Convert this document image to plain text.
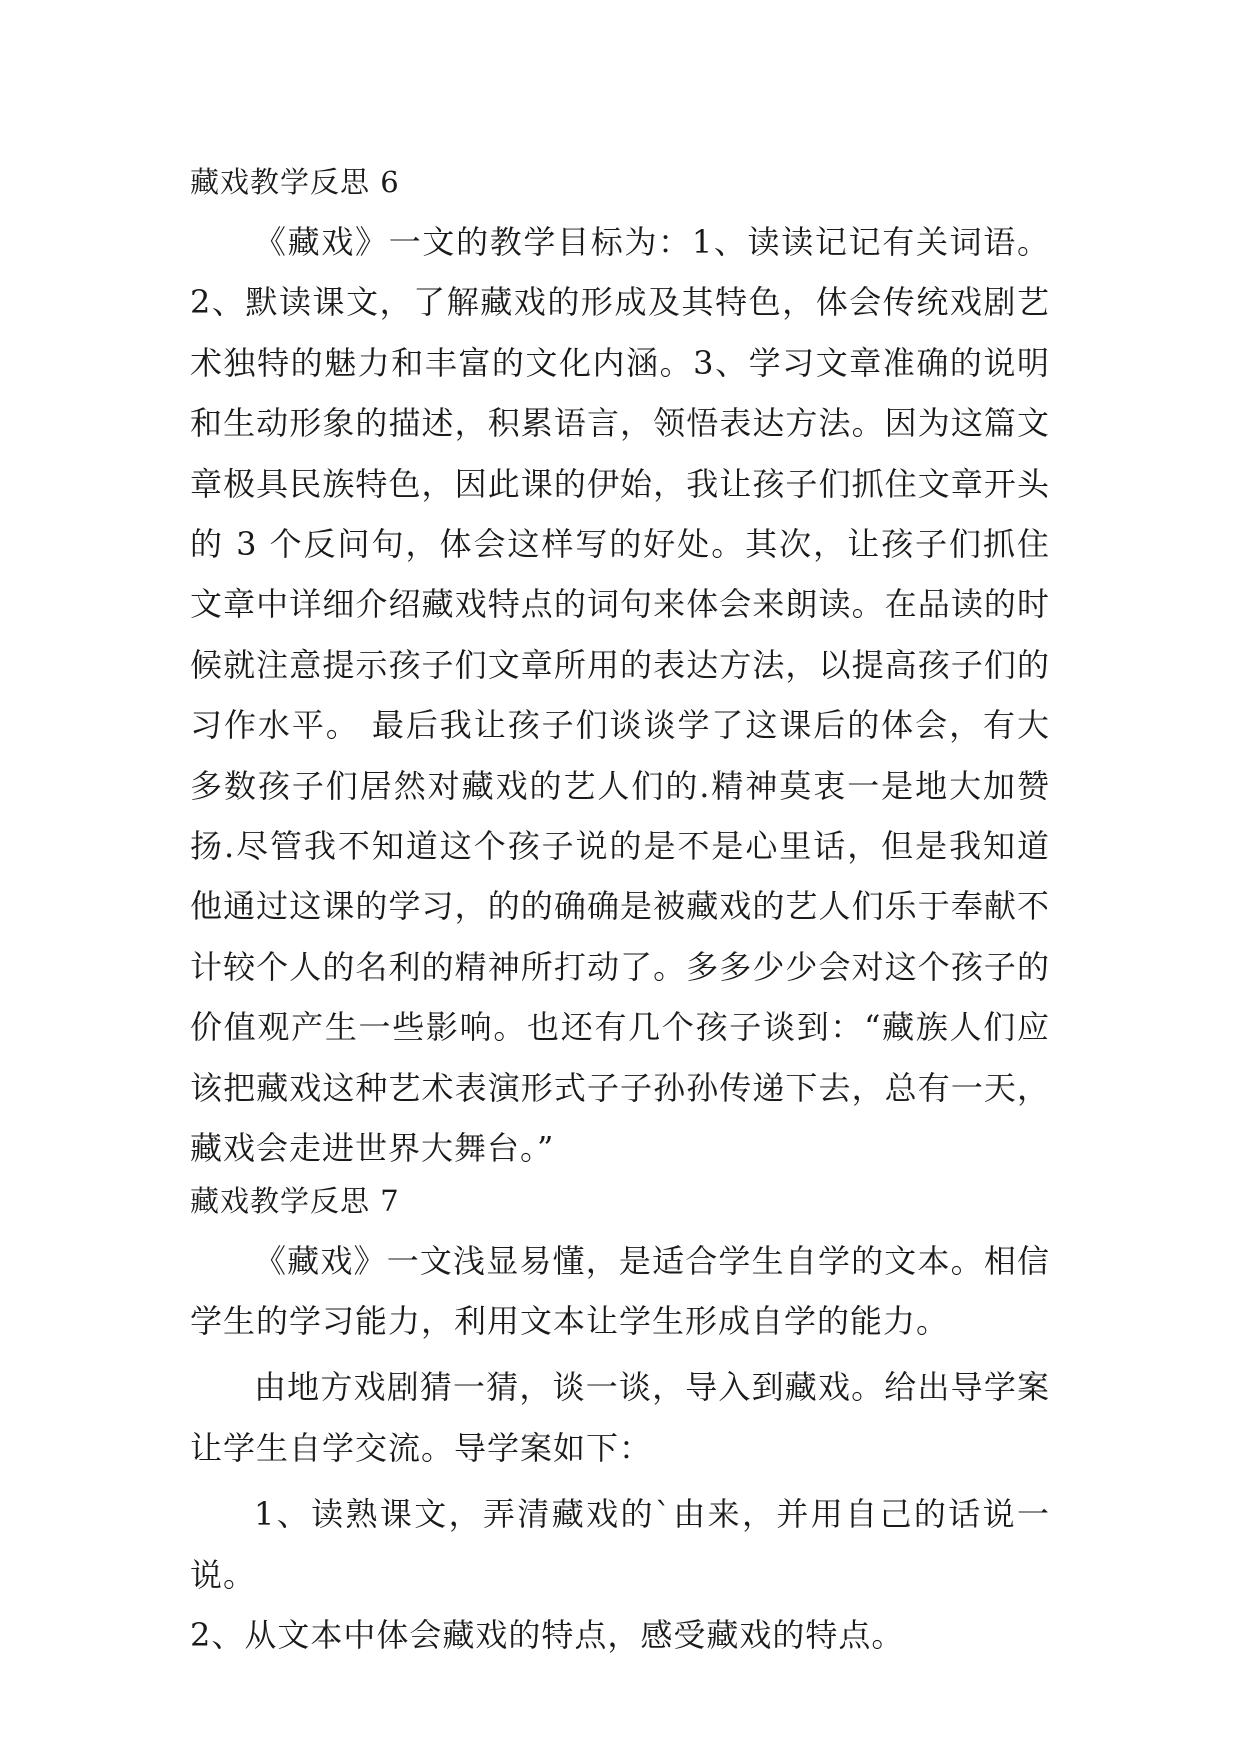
藏戏教学反思 6

《藏戏》一文的教学目标为：1、读读记记有关词语。2、默读课文，了解藏戏的形成及其特色，体会传统戏剧艺术独特的魅力和丰富的文化内涵。3、学习文章准确的说明和生动形象的描述，积累语言，领悟表达方法。因为这篇文章极具民族特色，因此课的伊始，我让孩子们抓住文章开头的 3 个反问句，体会这样写的好处。其次，让孩子们抓住文章中详细介绍藏戏特点的词句来体会来朗读。在品读的时候就注意提示孩子们文章所用的表达方法，以提高孩子们的习作水平。 最后我让孩子们谈谈学了这课后的体会，有大多数孩子们居然对藏戏的艺人们的.精神莫衷一是地大加赞扬.尽管我不知道这个孩子说的是不是心里话，但是我知道他通过这课的学习，的的确确是被藏戏的艺人们乐于奉献不计较个人的名利的精神所打动了。多多少少会对这个孩子的价值观产生一些影响。也还有几个孩子谈到：“藏族人们应该把藏戏这种艺术表演形式子子孙孙传递下去，总有一天，藏戏会走进世界大舞台。”

藏戏教学反思 7

《藏戏》一文浅显易懂，是适合学生自学的文本。相信学生的学习能力，利用文本让学生形成自学的能力。

由地方戏剧猜一猜，谈一谈，导入到藏戏。给出导学案让学生自学交流。导学案如下：

1、读熟课文，弄清藏戏的`由来，并用自己的话说一说。

2、从文本中体会藏戏的特点，感受藏戏的特点。
